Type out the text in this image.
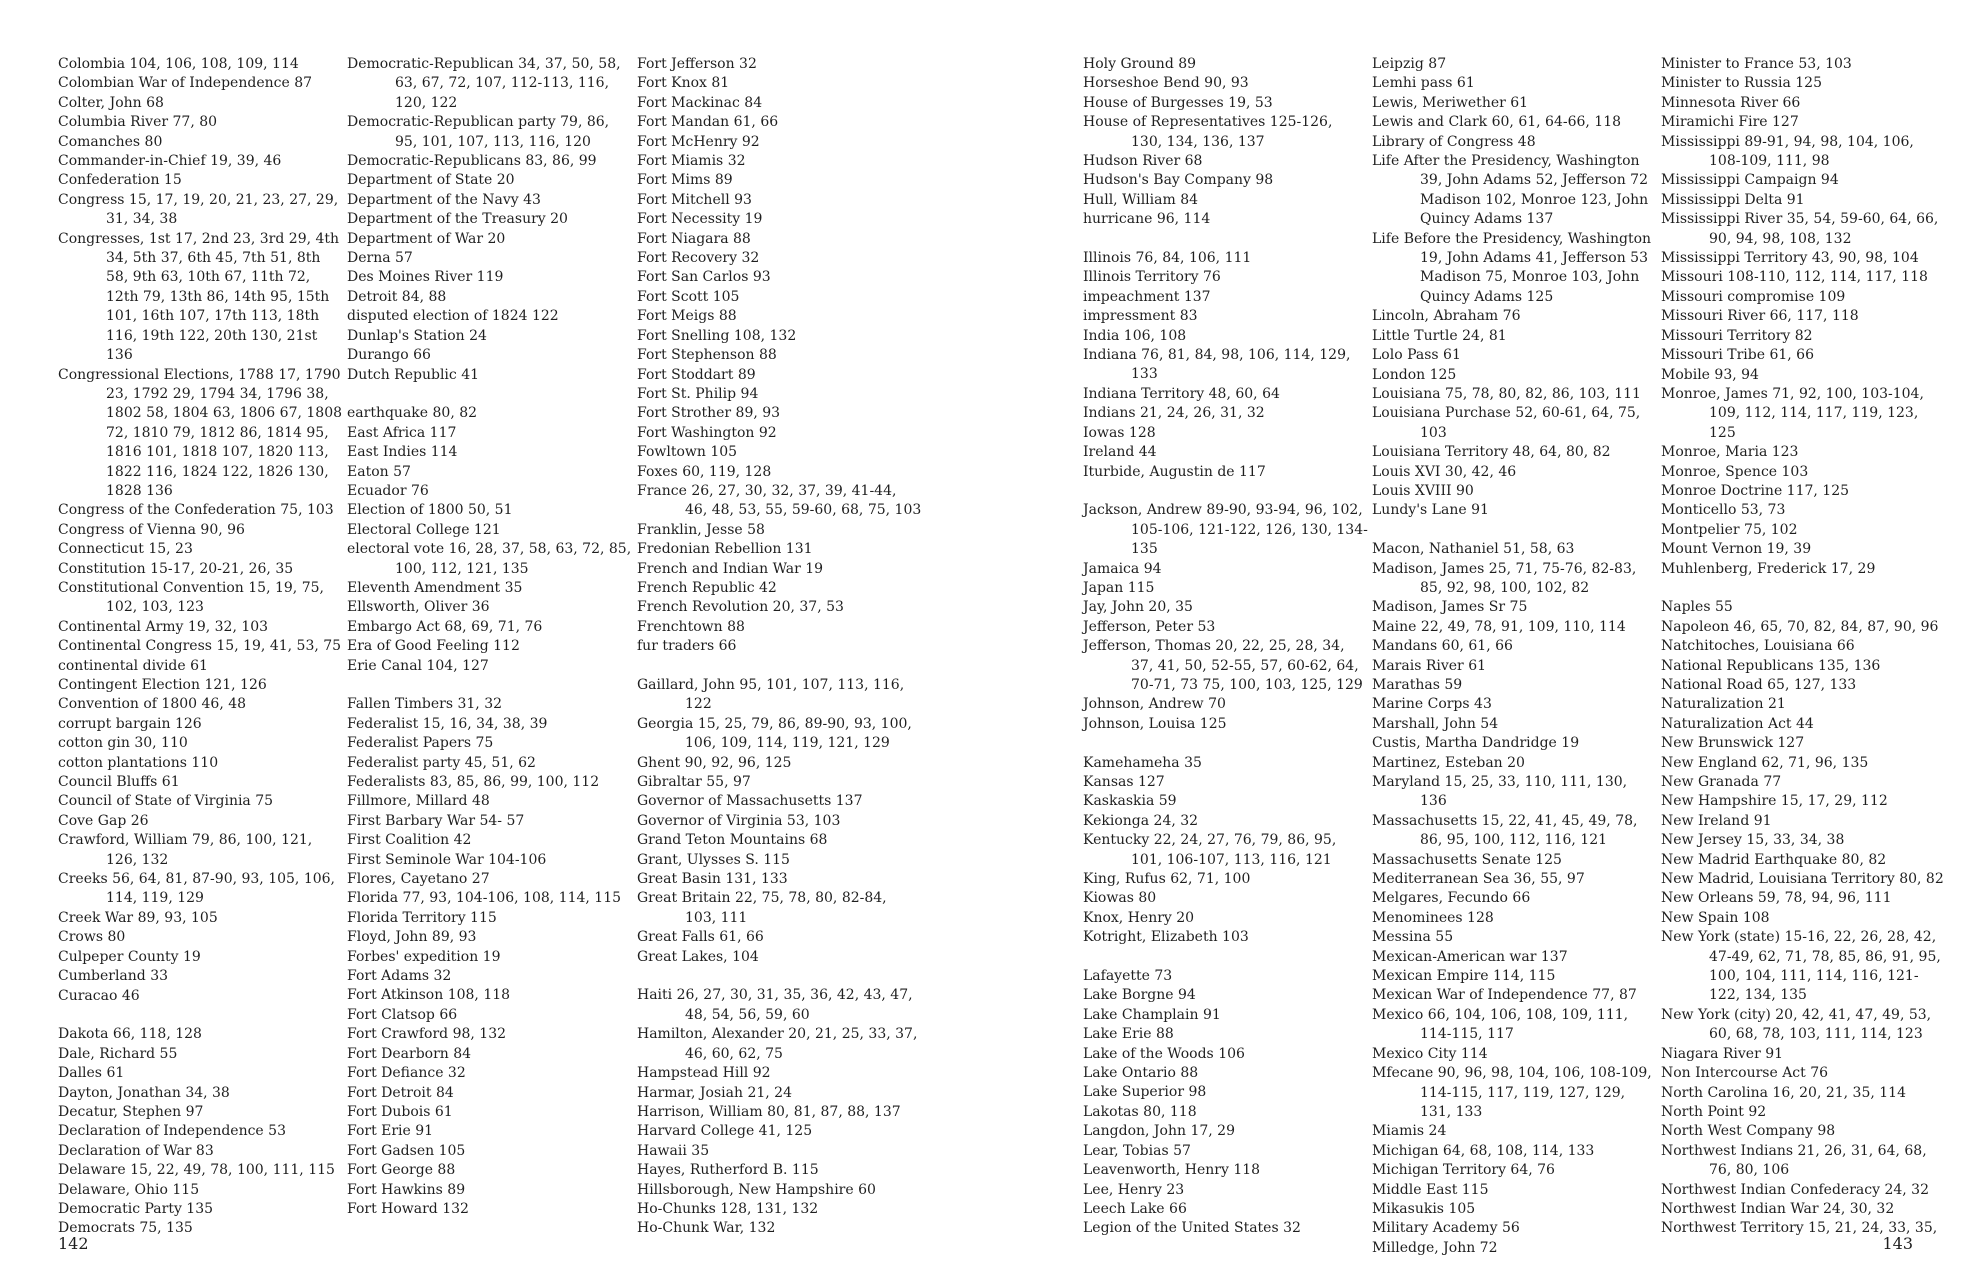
Colombia 104, 106, 108, 109, 114
Colombian War of Independence 87
Colter, John 68
Columbia River 77, 80
Comanches 80
Commander-in-Chief 19, 39, 46
Confederation 15
Congress 15, 17, 19, 20, 21, 23, 27, 29, 31, 34, 38
Congresses, 1st 17, 2nd 23, 3rd 29, 4th 34, 5th 37, 6th 45, 7th 51, 8th 58, 9th 63, 10th 67, 11th 72, 12th 79, 13th 86, 14th 95, 15th 101, 16th 107, 17th 113, 18th 116, 19th 122, 20th 130, 21st 136
Congressional Elections, 1788 17, 1790 23, 1792 29, 1794 34, 1796 38, 1802 58, 1804 63, 1806 67, 1808 72, 1810 79, 1812 86, 1814 95, 1816 101, 1818 107, 1820 113, 1822 116, 1824 122, 1826 130, 1828 136
Congress of the Confederation 75, 103
Congress of Vienna 90, 96
Connecticut 15, 23
Constitution 15-17, 20-21, 26, 35
Constitutional Convention 15, 19, 75, 102, 103, 123
Continental Army 19, 32, 103
Continental Congress 15, 19, 41, 53, 75
continental divide 61
Contingent Election 121, 126
Convention of 1800 46, 48
corrupt bargain 126
cotton gin 30, 110
cotton plantations 110
Council Bluffs 61
Council of State of Virginia 75
Cove Gap 26
Crawford, William 79, 86, 100, 121, 126, 132
Creeks 56, 64, 81, 87-90, 93, 105, 106, 114, 119, 129
Creek War 89, 93, 105
Crows 80
Culpeper County 19
Cumberland 33
Curacao 46
Dakota 66, 118, 128
Dale, Richard 55
Dalles 61
Dayton, Jonathan 34, 38
Decatur, Stephen 97
Declaration of Independence 53
Declaration of War 83
Delaware 15, 22, 49, 78, 100, 111, 115
Delaware, Ohio 115
Democratic Party 135
Democrats 75, 135
Democratic-Republican 34, 37, 50, 58, 63, 67, 72, 107, 112-113, 116, 120, 122
Democratic-Republican party 79, 86, 95, 101, 107, 113, 116, 120
Democratic-Republicans 83, 86, 99
Department of State 20
Department of the Navy 43
Department of the Treasury 20
Department of War 20
Derna 57
Des Moines River 119
Detroit 84, 88
disputed election of 1824 122
Dunlap's Station 24
Durango 66
Dutch Republic 41
earthquake 80, 82
East Africa 117
East Indies 114
Eaton 57
Ecuador 76
Election of 1800 50, 51
Electoral College 121
electoral vote 16, 28, 37, 58, 63, 72, 85, 100, 112, 121, 135
Eleventh Amendment 35
Ellsworth, Oliver 36
Embargo Act 68, 69, 71, 76
Era of Good Feeling 112
Erie Canal 104, 127
Fallen Timbers 31, 32
Federalist 15, 16, 34, 38, 39
Federalist Papers 75
Federalist party 45, 51, 62
Federalists 83, 85, 86, 99, 100, 112
Fillmore, Millard 48
First Barbary War 54- 57
First Coalition 42
First Seminole War 104-106
Flores, Cayetano 27
Florida 77, 93, 104-106, 108, 114, 115
Florida Territory 115
Floyd, John 89, 93
Forbes' expedition 19
Fort Adams 32
Fort Atkinson 108, 118
Fort Clatsop 66
Fort Crawford 98, 132
Fort Dearborn 84
Fort Defiance 32
Fort Detroit 84
Fort Dubois 61
Fort Erie 91
Fort Gadsen 105
Fort George 88
Fort Hawkins 89
Fort Howard 132
Fort Jefferson 32
Fort Knox 81
Fort Mackinac 84
Fort Mandan 61, 66
Fort McHenry 92
Fort Miamis 32
Fort Mims 89
Fort Mitchell 93
Fort Necessity 19
Fort Niagara 88
Fort Recovery 32
Fort San Carlos 93
Fort Scott 105
Fort Meigs 88
Fort Snelling 108, 132
Fort Stephenson 88
Fort Stoddart 89
Fort St. Philip 94
Fort Strother 89, 93
Fort Washington 92
Fowltown 105
Foxes 60, 119, 128
France 26, 27, 30, 32, 37, 39, 41-44, 46, 48, 53, 55, 59-60, 68, 75, 103
Franklin, Jesse 58
Fredonian Rebellion 131
French and Indian War 19
French Republic 42
French Revolution 20, 37, 53
Frenchtown 88
fur traders 66
Gaillard, John 95, 101, 107, 113, 116, 122
Georgia 15, 25, 79, 86, 89-90, 93, 100, 106, 109, 114, 119, 121, 129
Ghent 90, 92, 96, 125
Gibraltar 55, 97
Governor of Massachusetts 137
Governor of Virginia 53, 103
Grand Teton Mountains 68
Grant, Ulysses S. 115
Great Basin 131, 133
Great Britain 22, 75, 78, 80, 82-84, 103, 111
Great Falls 61, 66
Great Lakes, 104
Haiti 26, 27, 30, 31, 35, 36, 42, 43, 47, 48, 54, 56, 59, 60
Hamilton, Alexander 20, 21, 25, 33, 37, 46, 60, 62, 75
Hampstead Hill 92
Harmar, Josiah 21, 24
Harrison, William 80, 81, 87, 88, 137
Harvard College 41, 125
Hawaii 35
Hayes, Rutherford B. 115
Hillsborough, New Hampshire 60
Ho-Chunks 128, 131, 132
Ho-Chunk War, 132
Holy Ground 89
Horseshoe Bend 90, 93
House of Burgesses 19, 53
House of Representatives 125-126, 130, 134, 136, 137
Hudson River 68
Hudson's Bay Company 98
Hull, William 84
hurricane 96, 114
Illinois 76, 84, 106, 111
Illinois Territory 76
impeachment 137
impressment 83
India 106, 108
Indiana 76, 81, 84, 98, 106, 114, 129, 133
Indiana Territory 48, 60, 64
Indians 21, 24, 26, 31, 32
Iowas 128
Ireland 44
Iturbide, Augustin de 117
Jackson, Andrew 89-90, 93-94, 96, 102, 105-106, 121-122, 126, 130, 134-135
Jamaica 94
Japan 115
Jay, John 20, 35
Jefferson, Peter 53
Jefferson, Thomas 20, 22, 25, 28, 34, 37, 41, 50, 52-55, 57, 60-62, 64, 70-71, 73 75, 100, 103, 125, 129
Johnson, Andrew 70
Johnson, Louisa 125
Kamehameha 35
Kansas 127
Kaskaskia 59
Kekionga 24, 32
Kentucky 22, 24, 27, 76, 79, 86, 95, 101, 106-107, 113, 116, 121
King, Rufus 62, 71, 100
Kiowas 80
Knox, Henry 20
Kotright, Elizabeth 103
Lafayette 73
Lake Borgne 94
Lake Champlain 91
Lake Erie 88
Lake of the Woods 106
Lake Ontario 88
Lake Superior 98
Lakotas 80, 118
Langdon, John 17, 29
Lear, Tobias 57
Leavenworth, Henry 118
Lee, Henry 23
Leech Lake 66
Legion of the United States 32
Leipzig 87
Lemhi pass 61
Lewis, Meriwether 61
Lewis and Clark 60, 61, 64-66, 118
Library of Congress 48
Life After the Presidency, Washington 39, John Adams 52, Jefferson 72 Madison 102, Monroe 123, John Quincy Adams 137
Life Before the Presidency, Washington 19, John Adams 41, Jefferson 53 Madison 75, Monroe 103, John Quincy Adams 125
Lincoln, Abraham 76
Little Turtle 24, 81
Lolo Pass 61
London 125
Louisiana 75, 78, 80, 82, 86, 103, 111
Louisiana Purchase 52, 60-61, 64, 75, 103
Louisiana Territory 48, 64, 80, 82
Louis XVI 30, 42, 46
Louis XVIII 90
Lundy's Lane 91
Macon, Nathaniel 51, 58, 63
Madison, James 25, 71, 75-76, 82-83, 85, 92, 98, 100, 102, 82
Madison, James Sr 75
Maine 22, 49, 78, 91, 109, 110, 114
Mandans 60, 61, 66
Marais River 61
Marathas 59
Marine Corps 43
Marshall, John 54
Custis, Martha Dandridge 19
Martinez, Esteban 20
Maryland 15, 25, 33, 110, 111, 130, 136
Massachusetts 15, 22, 41, 45, 49, 78, 86, 95, 100, 112, 116, 121
Massachusetts Senate 125
Mediterranean Sea 36, 55, 97
Melgares, Fecundo 66
Menominees 128
Messina 55
Mexican-American war 137
Mexican Empire 114, 115
Mexican War of Independence 77, 87
Mexico 66, 104, 106, 108, 109, 111, 114-115, 117
Mexico City 114
Mfecane 90, 96, 98, 104, 106, 108-109, 114-115, 117, 119, 127, 129, 131, 133
Miamis 24
Michigan 64, 68, 108, 114, 133
Michigan Territory 64, 76
Middle East 115
Mikasukis 105
Military Academy 56
Milledge, John 72
Minister to France 53, 103
Minister to Russia 125
Minnesota River 66
Miramichi Fire 127
Mississippi 89-91, 94, 98, 104, 106, 108-109, 111, 98
Mississippi Campaign 94
Mississippi Delta 91
Mississippi River 35, 54, 59-60, 64, 66, 90, 94, 98, 108, 132
Mississippi Territory 43, 90, 98, 104
Missouri 108-110, 112, 114, 117, 118
Missouri compromise 109
Missouri River 66, 117, 118
Missouri Territory 82
Missouri Tribe 61, 66
Mobile 93, 94
Monroe, James 71, 92, 100, 103-104, 109, 112, 114, 117, 119, 123, 125
Monroe, Maria 123
Monroe, Spence 103
Monroe Doctrine 117, 125
Monticello 53, 73
Montpelier 75, 102
Mount Vernon 19, 39
Muhlenberg, Frederick 17, 29
Naples 55
Napoleon 46, 65, 70, 82, 84, 87, 90, 96
Natchitoches, Louisiana 66
National Republicans 135, 136
National Road 65, 127, 133
Naturalization 21
Naturalization Act 44
New Brunswick 127
New England 62, 71, 96, 135
New Granada 77
New Hampshire 15, 17, 29, 112
New Ireland 91
New Jersey 15, 33, 34, 38
New Madrid Earthquake 80, 82
New Madrid, Louisiana Territory 80, 82
New Orleans 59, 78, 94, 96, 111
New Spain 108
New York (state) 15-16, 22, 26, 28, 42, 47-49, 62, 71, 78, 85, 86, 91, 95, 100, 104, 111, 114, 116, 121-122, 134, 135
New York (city) 20, 42, 41, 47, 49, 53, 60, 68, 78, 103, 111, 114, 123
Niagara River 91
Non Intercourse Act 76
North Carolina 16, 20, 21, 35, 114
North Point 92
North West Company 98
Northwest Indians 21, 26, 31, 64, 68, 76, 80, 106
Northwest Indian Confederacy 24, 32
Northwest Indian War 24, 30, 32
Northwest Territory 15, 21, 24, 33, 35,
142	143
